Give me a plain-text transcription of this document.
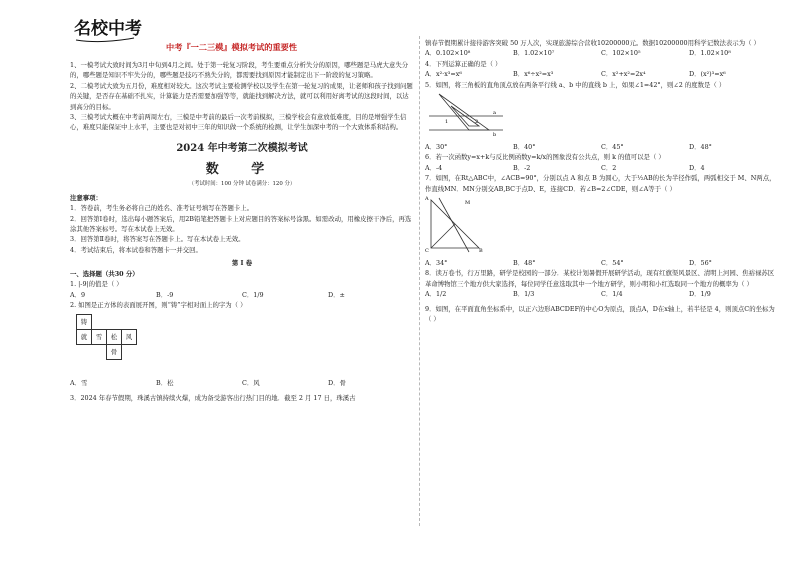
名校中考
中考『一二三模』模拟考试的重要性

1、一模考试大致时间为3月中旬到4月之间。处于第一轮复习阶段，考生要重点分析失分的原因，哪些题是马虎大意失分的，哪些题是知识不牢失分的，哪些题是技巧不熟失分的，都需要找到原因才能制定出下一阶段的复习策略。

2、二模考试大致为五月份，难度相对较大。这次考试主要检测学校以及学生在第一轮复习的成果，让老师和孩子找到问题的关键，是否存在基础不扎实，计算能力是否需要加强等等，就能找到解决方法，就可以利用好离考试的这段时间，以达到高分的目标。

3、三模考试大概在中考前两周左右，三模是中考前的最后一次考前模拟，三模学校会有意放低难度，目的是增强学生信心，难度只能保证中上水平，主要也是对初中三年的知识做一个系统的检测，让学生加深中考的一个大致体系和结构。

2024 年中考第二次模拟考试
数 学
（考试时间：100 分钟 试卷满分：120 分）

注意事项：

1．答卷前，考生务必将自己的姓名、准考证号填写在答题卡上。

2．回答第Ⅰ卷时，选出每小题答案后，用2B铅笔把答题卡上对应题目的答案标号涂黑。如需改动，用橡皮擦干净后，再选涂其他答案标号。写在本试卷上无效。

3．回答第Ⅱ卷时，将答案写在答题卡上。写在本试卷上无效。

4．考试结束后，将本试卷和答题卡一并交回。

第 Ⅰ 卷

一、选择题（共30 分）

1. |-9|的值是（ ）

A．9	B．-9	C．1/9	D．±

2. 如图是正方体的表面展开图，则“铸”字相对面上的字为（ ）

铸
就	雪	松	风
骨
A．雪	B．松	C．风	D．骨

3．2024 年春节假期，珠溪古镇持续火爆，成为备受游客出行热门目的地．截至 2 月 17 日，珠溪古

镇春节假期累计接待游客突破 50 万人次，实现旅游综合营收10200000元。数据10200000用科学记数法表示为（ ）

A．0.102×10⁸	B．1.02×10⁷	C．102×10⁵	D．1.02×10⁸

4．下列运算正确的是（ ）

A．x²·x³=x⁶	B．x⁶÷x²=x³	C．x²+x²=2x⁴	D．(x²)³=x⁶

5．如图，将三角板的直角顶点放在两条平行线 a、b 中的直线 b 上，如果∠1=42°，则∠2 的度数是（ ）

a
b
1	2
A．30°	B．40°	C．45°	D．48°

6．若一次函数y=x+k与反比例函数y=k/x的图象没有公共点，则 k 的值可以是（ ）

A．-4	B．-2	C．2	D．4

7．如图，在Rt△ABC中，∠ACB=90°，分别以点 A 和点 B 为圆心，大于½AB的长为半径作弧，两弧相交于 M、N两点，作直线MN．MN分别交AB,BC于点D、E，连接CD．若∠B=2∠CDE，则∠A等于（ ）

A
C	B
M
A．34°	B．48°	C．54°	D．56°

8．读万卷书，行万里路，研学是校园的一部分．某校计划暑假开展研学活动，现有红旗渠风景区、清明上河园、焦裕禄苏区革命博物馆三个地方供大家选择，每位同学任意选取其中一个地方研学，则小明和小红选取同一个地方的概率为（ ）

A．1/2	B．1/3	C．1/4	D．1/9

9．如图，在平面直角坐标系中，以正六边形ABCDEF的中心O为原点，顶点A，D在x轴上，若半径是 4，则顶点C的坐标为（ ）
